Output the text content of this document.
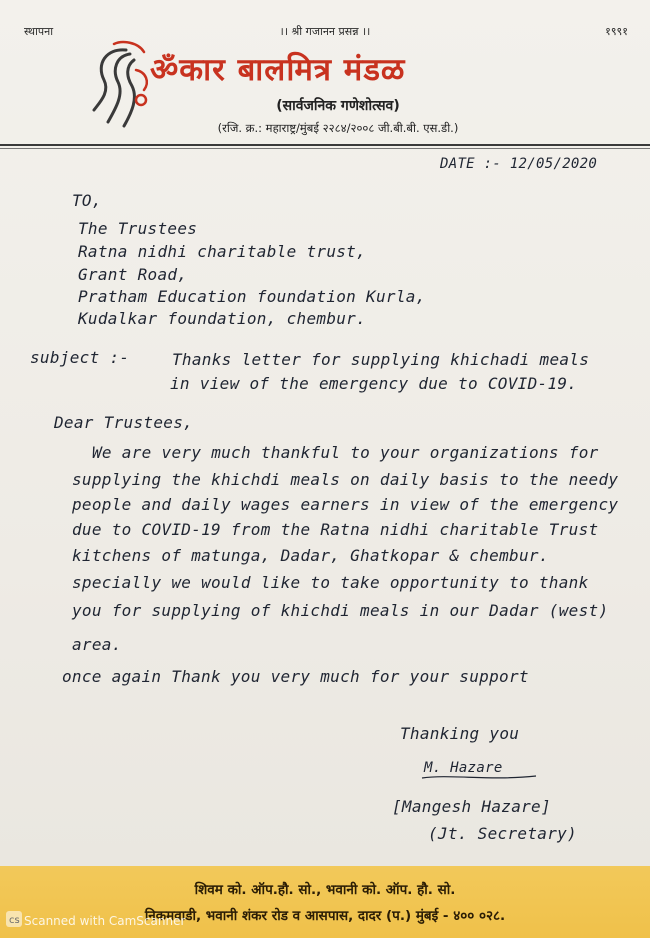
स्थापना	।। श्री गजानन प्रसन्न ।।	१९९१
ॐकार बालमित्र मंडळ
(सार्वजनिक गणेशोत्सव)
(रजि. क्र.: महाराष्ट्र/मुंबई २२८४/२००८ जी.बी.बी. एस.डी.)
DATE :- 12/05/2020
TO,
The Trustees
Ratna nidhi charitable trust,
Grant Road,
Pratham Education foundation Kurla,
Kudalkar foundation, chembur.
subject :-	Thanks letter for supplying khichadi meals
in view of the emergency due to COVID-19.
Dear Trustees,
We are very much thankful to your organizations for
supplying the khichdi meals on daily basis to the needy
people and daily wages earners in view of the emergency
due to COVID-19 from the Ratna nidhi charitable Trust
kitchens of matunga, Dadar, Ghatkopar & chembur.
specially we would like to take opportunity to thank
you for supplying of khichdi meals in our Dadar (west)
area.
once again Thank you very much for your support
Thanking you
M. Hazare
[Mangesh Hazare]
(Jt. Secretary)
शिवम को. ऑप.हौ. सो., भवानी को. ऑप. हौ. सो.
निकमवाडी, भवानी शंकर रोड व आसपास, दादर (प.) मुंबई - ४०० ०२८.
cs Scanned with CamScanner
